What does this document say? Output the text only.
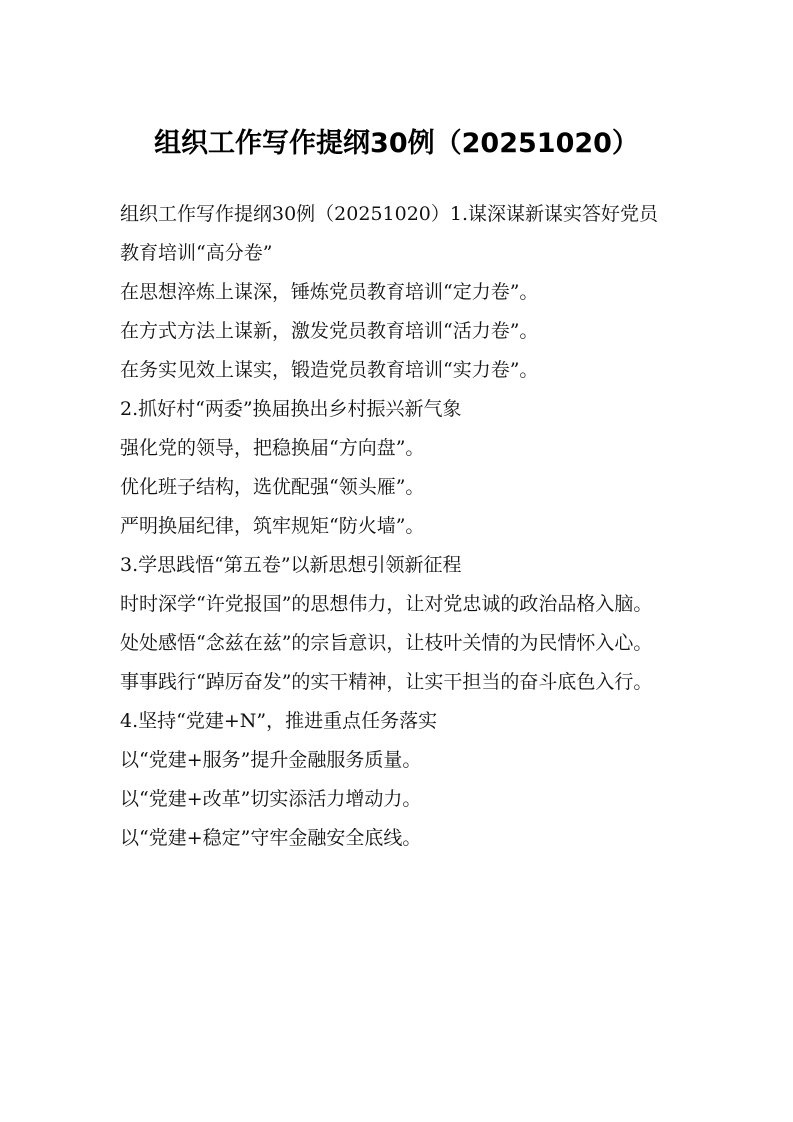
组织工作写作提纲30例（20251020）

组织工作写作提纲30例（20251020）1.谋深谋新谋实答好党员教育培训“高分卷”

在思想淬炼上谋深，锤炼党员教育培训“定力卷”。

在方式方法上谋新，激发党员教育培训“活力卷”。

在务实见效上谋实，锻造党员教育培训“实力卷”。

2.抓好村“两委”换届换出乡村振兴新气象

强化党的领导，把稳换届“方向盘”。

优化班子结构，选优配强“领头雁”。

严明换届纪律，筑牢规矩“防火墙”。

3.学思践悟“第五卷”以新思想引领新征程

时时深学“许党报国”的思想伟力，让对党忠诚的政治品格入脑。

处处感悟“念兹在兹”的宗旨意识，让枝叶关情的为民情怀入心。

事事践行“踔厉奋发”的实干精神，让实干担当的奋斗底色入行。

4.坚持“党建+N”，推进重点任务落实

以“党建+服务”提升金融服务质量。

以“党建+改革”切实添活力增动力。

以“党建+稳定”守牢金融安全底线。
